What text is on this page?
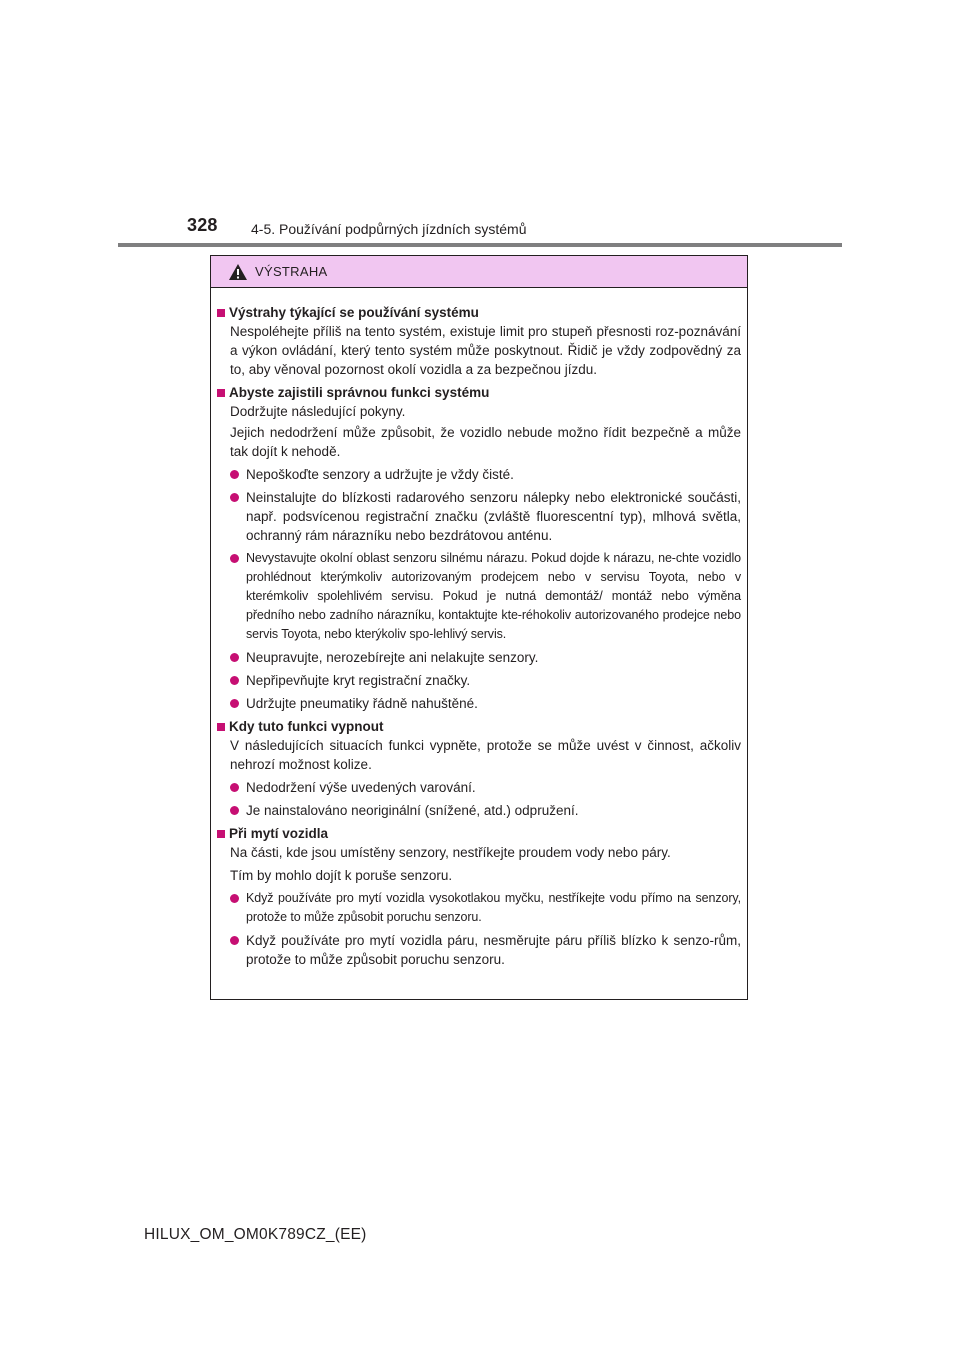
328 4-5. Používání podpůrných jízdních systémů
VÝSTRAHA
Výstrahy týkající se používání systému

Nespoléhejte příliš na tento systém, existuje limit pro stupeň přesnosti roz-poznávání a výkon ovládání, který tento systém může poskytnout. Řidič je vždy zodpovědný za to, aby věnoval pozornost okolí vozidla a za bezpečnou jízdu.

Abyste zajistili správnou funkci systému

Dodržujte následující pokyny.

Jejich nedodržení může způsobit, že vozidlo nebude možno řídit bezpečně a může tak dojít k nehodě.

Nepoškoďte senzory a udržujte je vždy čisté.
Neinstalujte do blízkosti radarového senzoru nálepky nebo elektronické součásti, např. podsvícenou registrační značku (zvláště fluorescentní typ), mlhová světla, ochranný rám nárazníku nebo bezdrátovou anténu.
Nevystavujte okolní oblast senzoru silnému nárazu. Pokud dojde k nárazu, ne-chte vozidlo prohlédnout kterýmkoliv autorizovaným prodejcem nebo v servisu Toyota, nebo v kterémkoliv spolehlivém servisu. Pokud je nutná demontáž/ montáž nebo výměna předního nebo zadního nárazníku, kontaktujte kte-réhokoliv autorizovaného prodejce nebo servis Toyota, nebo kterýkoliv spo-lehlivý servis.
Neupravujte, nerozebírejte ani nelakujte senzory.
Nepřipevňujte kryt registrační značky.
Udržujte pneumatiky řádně nahuštěné.
Kdy tuto funkci vypnout

V následujících situacích funkci vypněte, protože se může uvést v činnost, ačkoliv nehrozí možnost kolize.

Nedodržení výše uvedených varování.
Je nainstalováno neoriginální (snížené, atd.) odpružení.
Při mytí vozidla

Na části, kde jsou umístěny senzory, nestříkejte proudem vody nebo páry.

Tím by mohlo dojít k poruše senzoru.

Když používáte pro mytí vozidla vysokotlakou myčku, nestříkejte vodu přímo na senzory, protože to může způsobit poruchu senzoru.
Když používáte pro mytí vozidla páru, nesměrujte páru příliš blízko k senzo-rům, protože to může způsobit poruchu senzoru.
HILUX_OM_OM0K789CZ_(EE)
